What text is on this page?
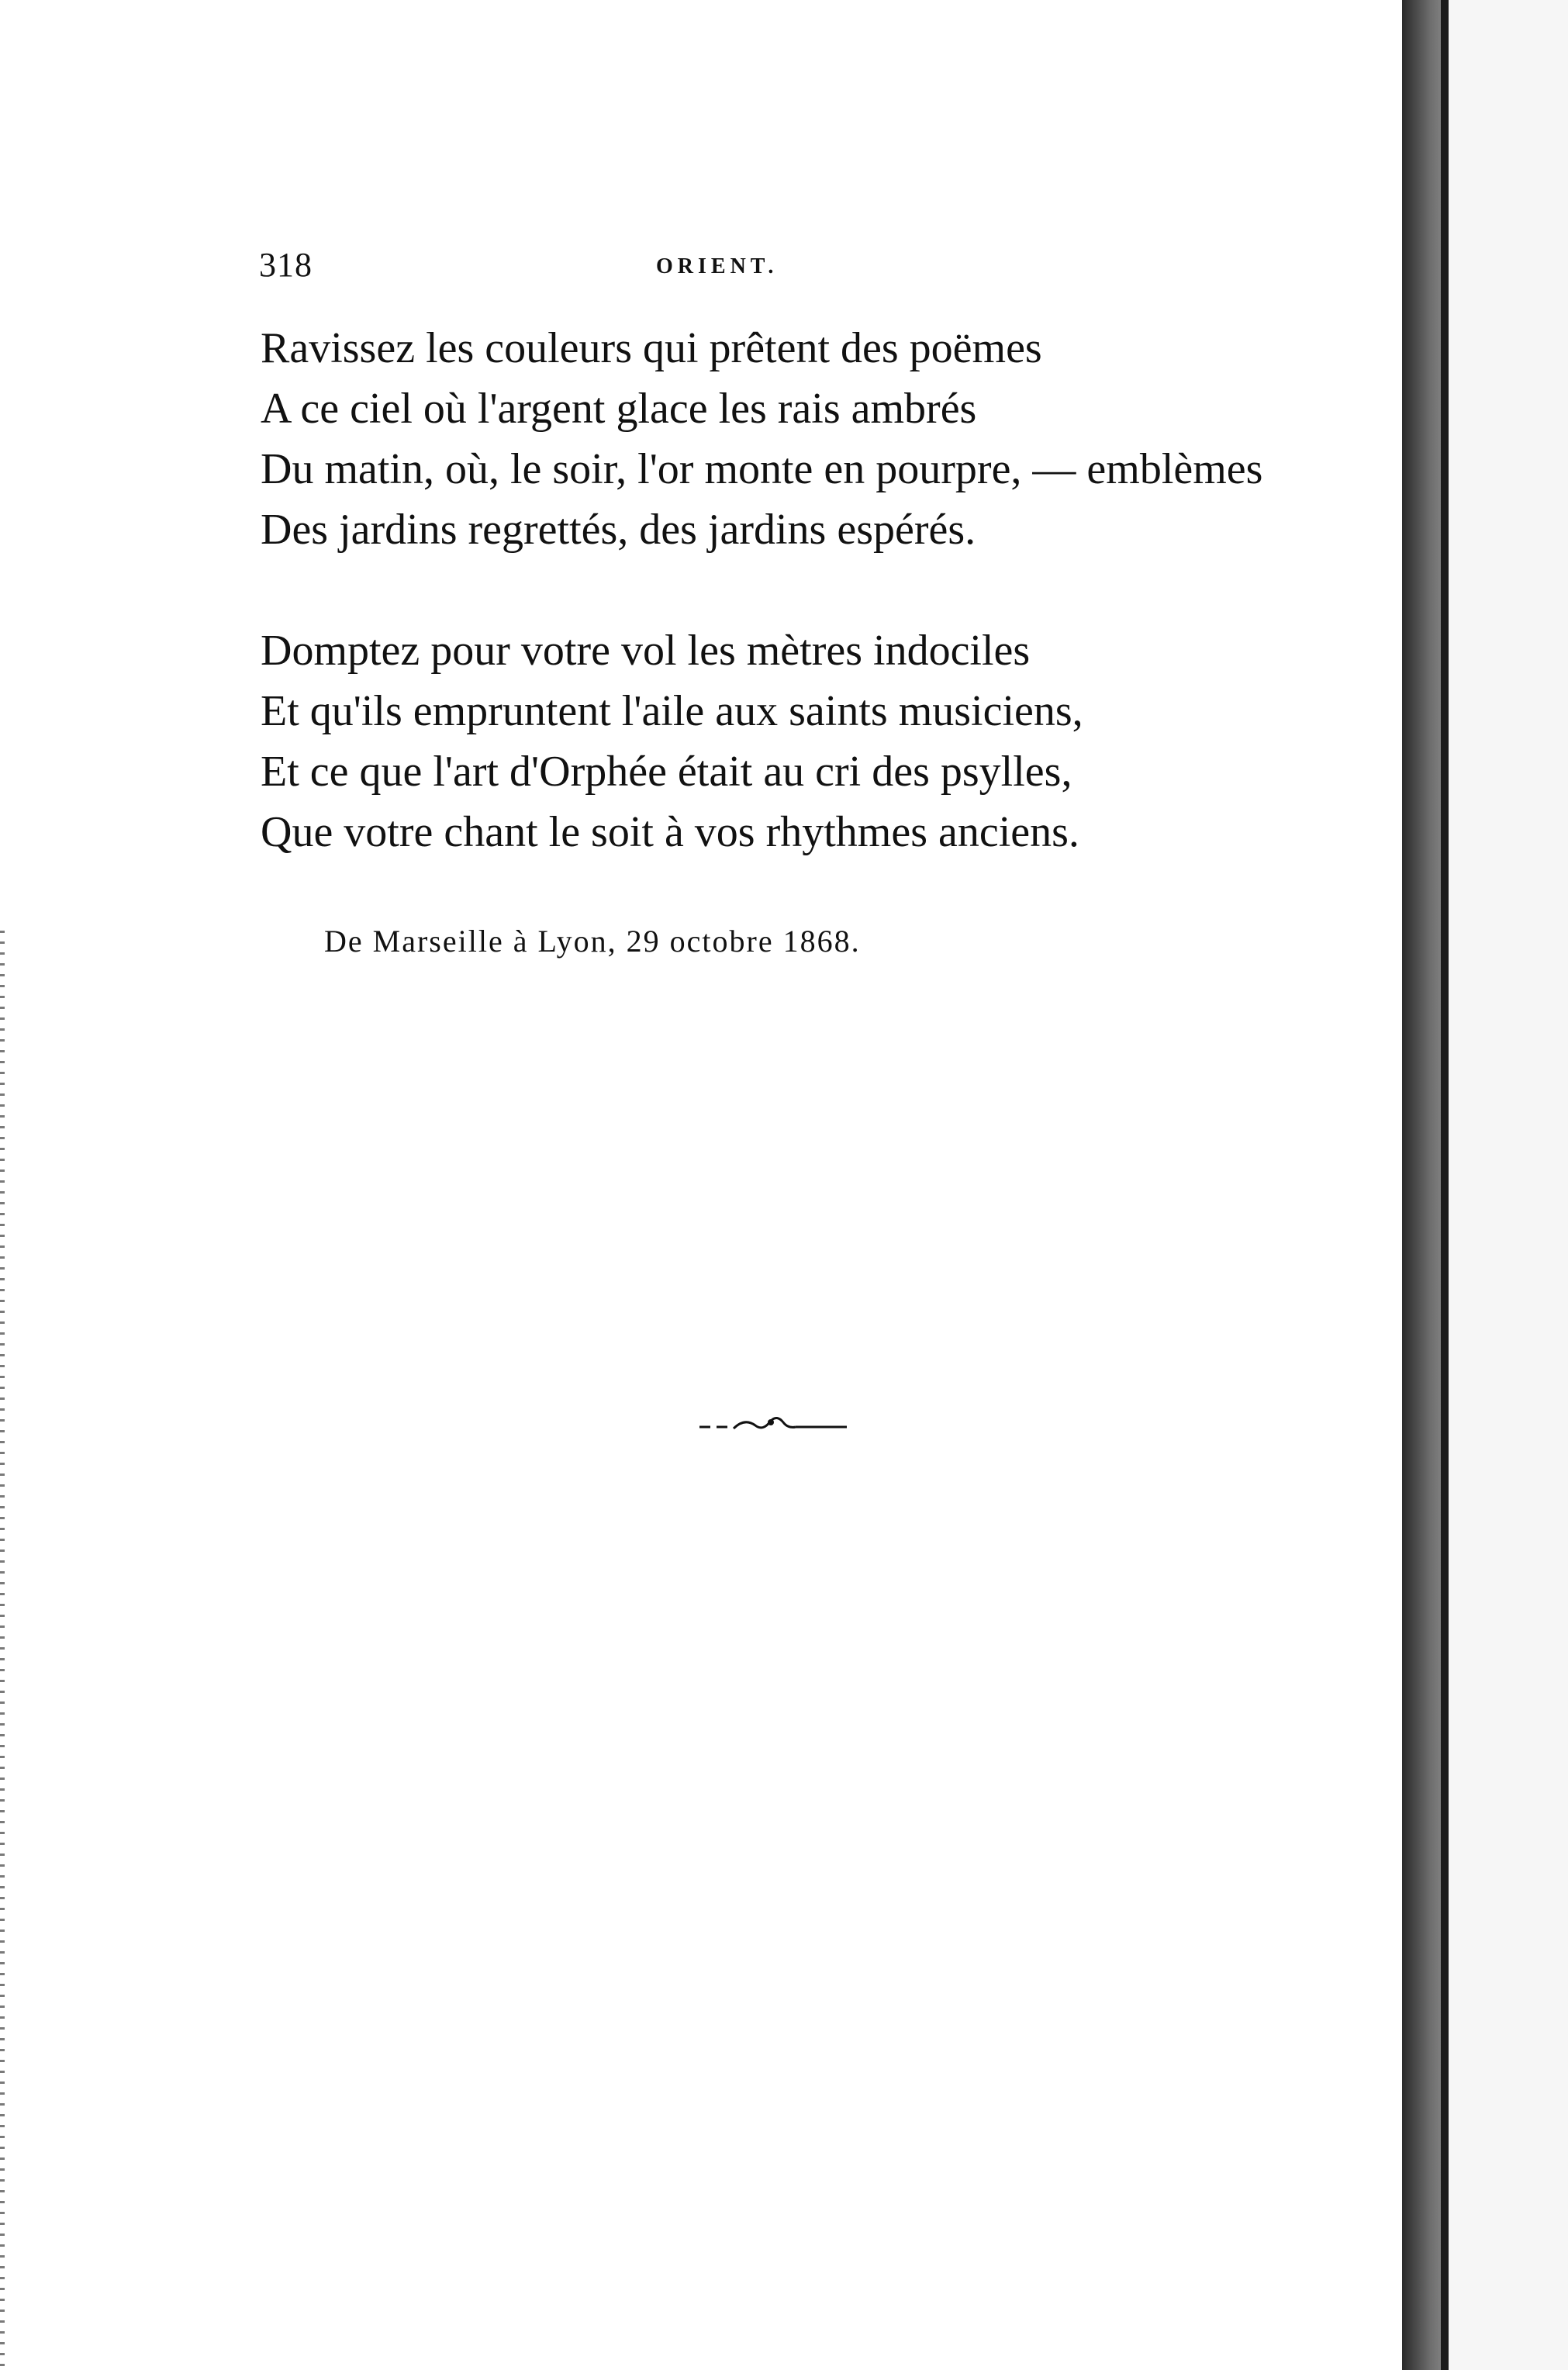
318	ORIENT.

Ravissez les couleurs qui prêtent des poëmes
A ce ciel où l'argent glace les rais ambrés
Du matin, où, le soir, l'or monte en pourpre, — emblèmes
Des jardins regrettés, des jardins espérés.

Domptez pour votre vol les mètres indociles
Et qu'ils empruntent l'aile aux saints musiciens,
Et ce que l'art d'Orphée était au cri des psylles,
Que votre chant le soit à vos rhythmes anciens.

De Marseille à Lyon, 29 octobre 1868.
